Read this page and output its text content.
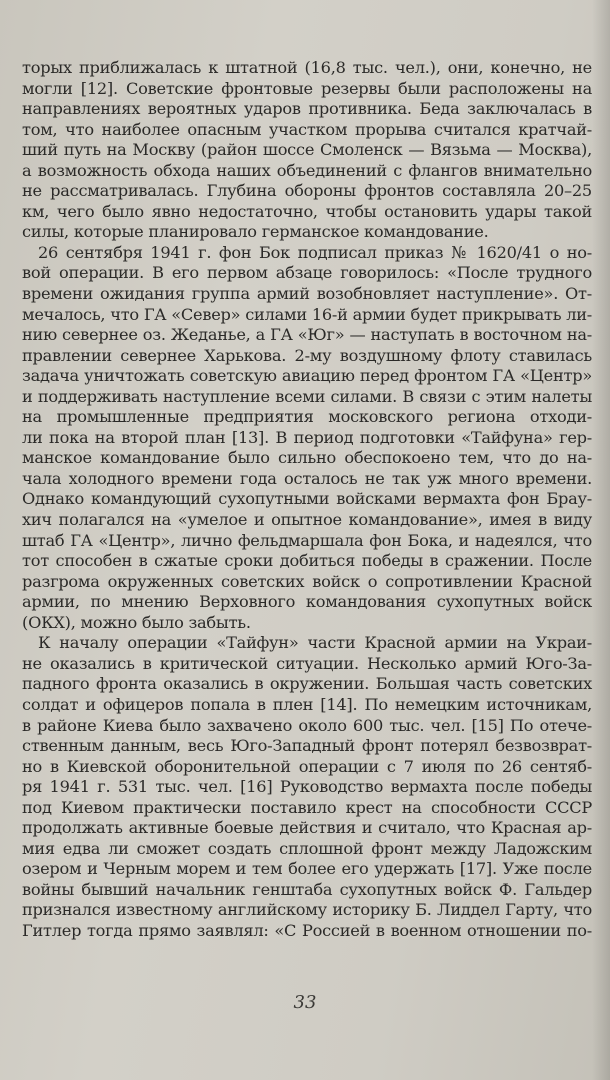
торых приближалась к штатной (16,8 тыс. чел.), они, конечно, не
могли [12]. Советские фронтовые резервы были расположены на
направлениях вероятных ударов противника. Беда заключалась в
том, что наиболее опасным участком прорыва считался кратчай-
ший путь на Москву (район шоссе Смоленск — Вязьма — Москва),
а возможность обхода наших объединений с флангов внимательно
не рассматривалась. Глубина обороны фронтов составляла 20–25
км, чего было явно недостаточно, чтобы остановить удары такой
силы, которые планировало германское командование.
26 сентября 1941 г. фон Бок подписал приказ № 1620/41 о но-
вой операции. В его первом абзаце говорилось: «После трудного
времени ожидания группа армий возобновляет наступление». От-
мечалось, что ГА «Север» силами 16-й армии будет прикрывать ли-
нию севернее оз. Жеданье, а ГА «Юг» — наступать в восточном на-
правлении севернее Харькова. 2-му воздушному флоту ставилась
задача уничтожать советскую авиацию перед фронтом ГА «Центр»
и поддерживать наступление всеми силами. В связи с этим налеты
на промышленные предприятия московского региона отходи-
ли пока на второй план [13]. В период подготовки «Тайфуна» гер-
манское командование было сильно обеспокоено тем, что до на-
чала холодного времени года осталось не так уж много времени.
Однако командующий сухопутными войсками вермахта фон Брау-
хич полагался на «умелое и опытное командование», имея в виду
штаб ГА «Центр», лично фельдмаршала фон Бока, и надеялся, что
тот способен в сжатые сроки добиться победы в сражении. После
разгрома окруженных советских войск о сопротивлении Красной
армии, по мнению Верховного командования сухопутных войск
(ОКХ), можно было забыть.
К началу операции «Тайфун» части Красной армии на Украи-
не оказались в критической ситуации. Несколько армий Юго-За-
падного фронта оказались в окружении. Большая часть советских
солдат и офицеров попала в плен [14]. По немецким источникам,
в районе Киева было захвачено около 600 тыс. чел. [15] По отече-
ственным данным, весь Юго-Западный фронт потерял безвозврат-
но в Киевской оборонительной операции с 7 июля по 26 сентяб-
ря 1941 г. 531 тыс. чел. [16] Руководство вермахта после победы
под Киевом практически поставило крест на способности СССР
продолжать активные боевые действия и считало, что Красная ар-
мия едва ли сможет создать сплошной фронт между Ладожским
озером и Черным морем и тем более его удержать [17]. Уже после
войны бывший начальник генштаба сухопутных войск Ф. Гальдер
признался известному английскому историку Б. Лиддел Гарту, что
Гитлер тогда прямо заявлял: «С Россией в военном отношении по-
33
